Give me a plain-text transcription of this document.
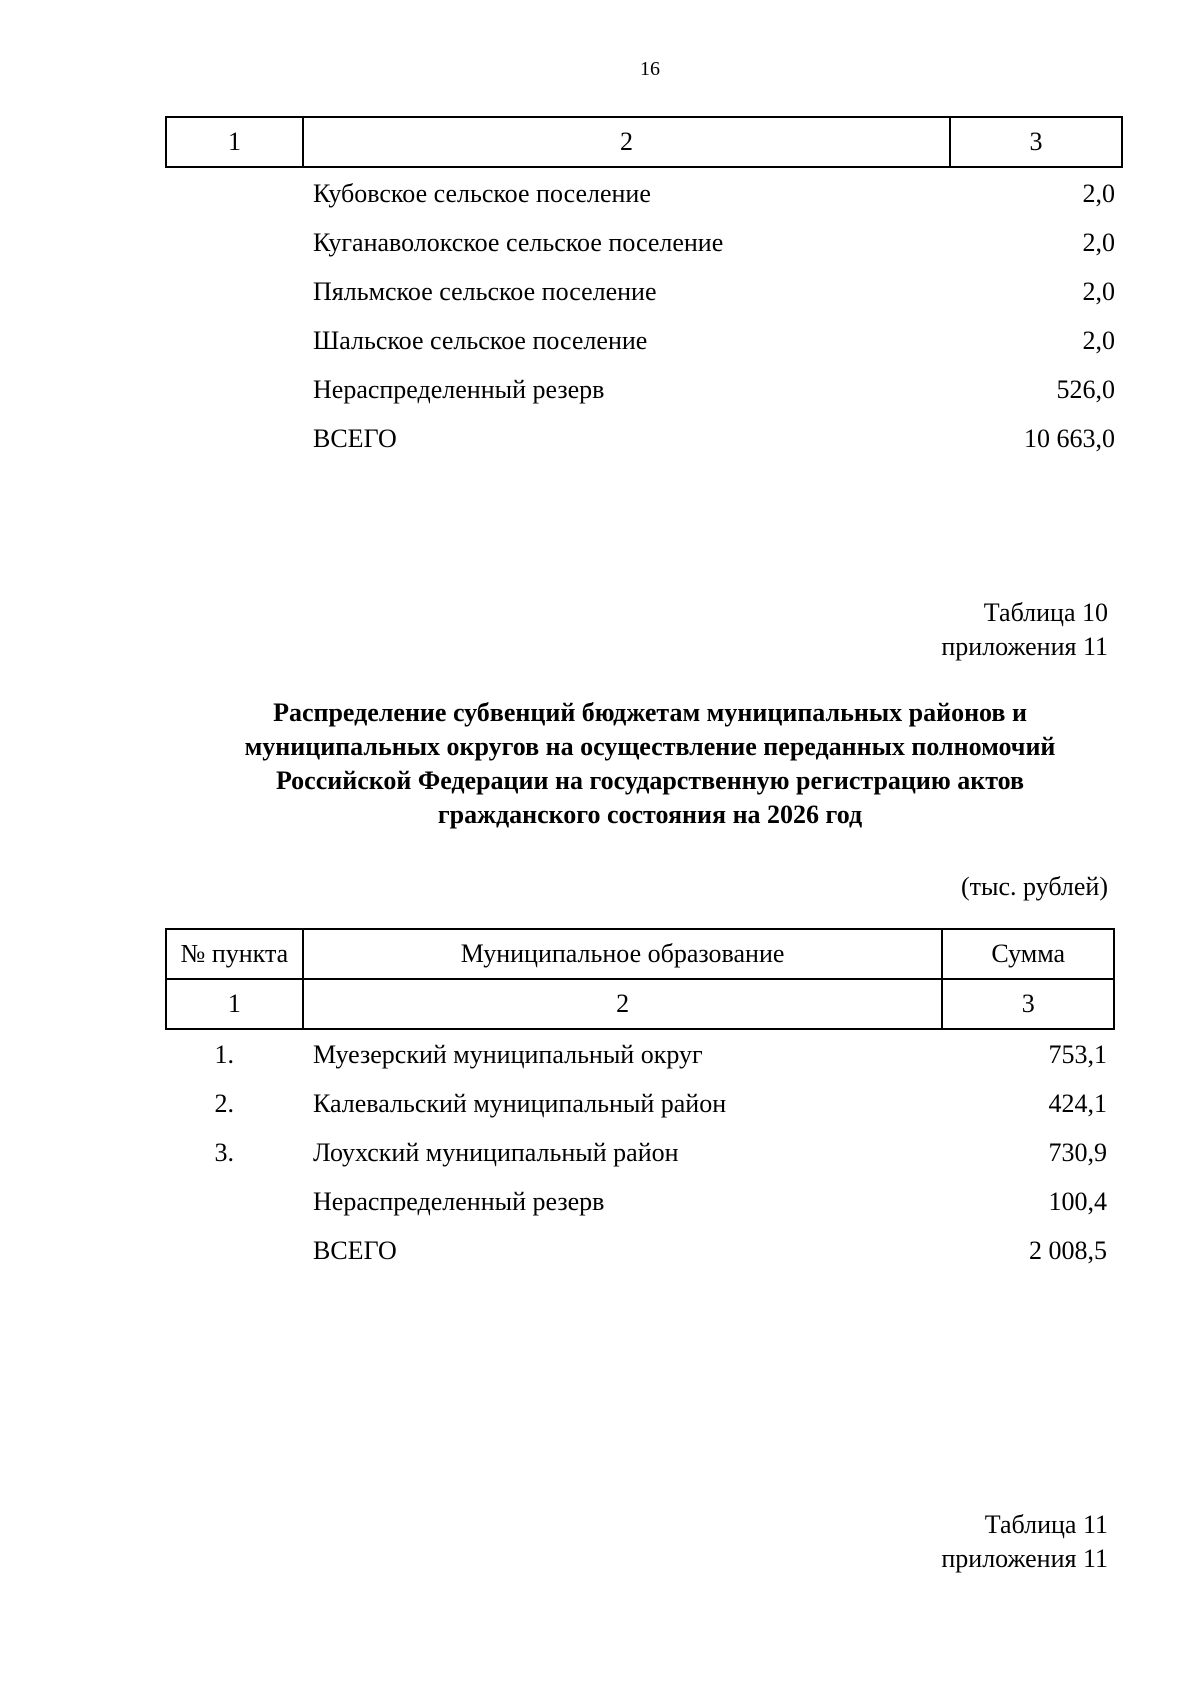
16
1	2	3
Кубовское сельское поселение	2,0
Куганаволокское сельское поселение	2,0
Пяльмское сельское поселение	2,0
Шальское сельское поселение	2,0
Нераспределенный резерв	526,0
ВСЕГО	10 663,0
Таблица 10
приложения 11
Распределение субвенций бюджетам муниципальных районов и
муниципальных округов на осуществление переданных полномочий
Российской Федерации на государственную регистрацию актов
гражданского состояния на 2026 год
(тыс. рублей)
№ пункта	Муниципальное образование	Сумма
1	2	3
1.	Муезерский муниципальный округ	753,1
2.	Калевальский муниципальный район	424,1
3.	Лоухский муниципальный район	730,9
Нераспределенный резерв	100,4
ВСЕГО	2 008,5
Таблица 11
приложения 11
